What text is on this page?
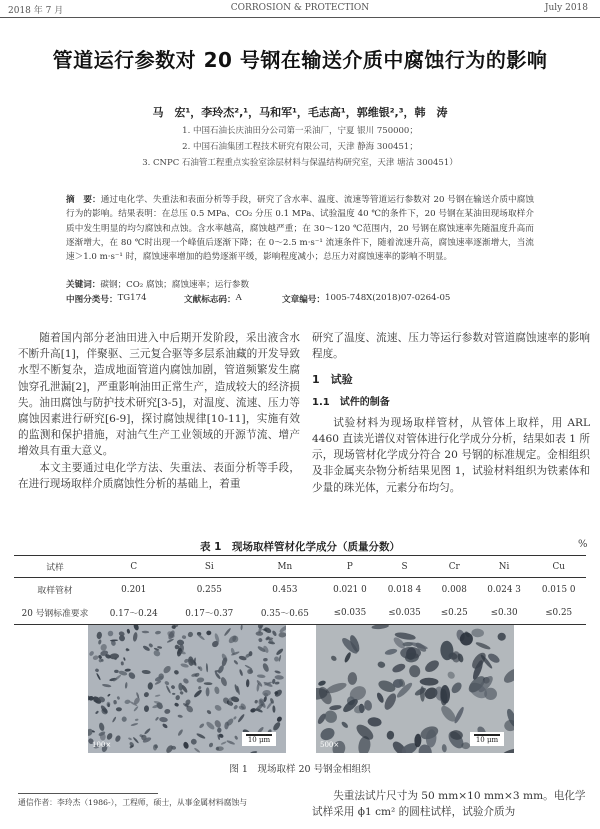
2018 年 7 月	CORROSION & PROTECTION	July 2018
管道运行参数对 20 号钢在输送介质中腐蚀行为的影响
马　宏¹，李玲杰²,¹，马和军¹，毛志高¹，郭维银²,³，韩　涛
1. 中国石油长庆油田分公司第一采油厂，宁夏 银川 750000；
2. 中国石油集团工程技术研究有限公司，天津 静海 300451；
3. CNPC 石油管工程重点实验室涂层材料与保温结构研究室，天津 塘沽 300451）
摘　要：通过电化学、失重法和表面分析等手段，研究了含水率、温度、流速等管道运行参数对 20 号钢在输送介质中腐蚀行为的影响。结果表明：在总压 0.5 MPa、CO₂ 分压 0.1 MPa、试验温度 40 ℃的条件下，20 号钢在某油田现场取样介质中发生明显的均匀腐蚀和点蚀。含水率越高，腐蚀越严重；在 30～120 ℃范围内，20 号钢在腐蚀速率先随温度升高而逐渐增大，在 80 ℃时出现一个峰值后逐渐下降；在 0～2.5 m·s⁻¹ 流速条件下，随着流速升高，腐蚀速率逐渐增大，当流速＞1.0 m·s⁻¹ 时，腐蚀速率增加的趋势逐渐平缓，影响程度减小；总压力对腐蚀速率的影响不明显。
关键词：碳钢；CO₂ 腐蚀；腐蚀速率；运行参数
中图分类号： TG174	文献标志码： A	文章编号： 1005-748X(2018)07-0264-05

随着国内部分老油田进入中后期开发阶段，采出液含水不断升高[1]，伴聚驱、三元复合驱等多层系油藏的开发导致水型不断复杂，造成地面管道内腐蚀加剧，管道频繁发生腐蚀穿孔泄漏[2]，严重影响油田正常生产，造成较大的经济损失。油田腐蚀与防护技术研究[3-5]，对温度、流速、压力等腐蚀因素进行研究[6-9]，探讨腐蚀规律[10-11]，实施有效的监测和保护措施，对油气生产工业领域的开源节流、增产增效具有重大意义。

本文主要通过电化学方法、失重法、表面分析等手段，在进行现场取样介质腐蚀性分析的基础上，着重

研究了温度、流速、压力等运行参数对管道腐蚀速率的影响程度。

1　试验
1.1　试件的制备

试验材料为现场取样管材，从管体上取样，用 ARL 4460 直读光谱仪对管体进行化学成分分析，结果如表 1 所示，现场管材化学成分符合 20 号钢的标准规定。金相组织及非金属夹杂物分析结果见图 1，试验材料组织为铁素体和少量的珠光体，元素分布均匀。

表 1　现场取样管材化学成分（质量分数）	%
试样	C	Si	Mn	P	S	Cr	Ni	Cu
取样管材	0.201	0.255	0.453	0.021 0	0.018 4	0.008	0.024 3	0.015 0
20 号钢标准要求	0.17～0.24	0.17～0.37	0.35～0.65	≤0.035	≤0.035	≤0.25	≤0.30	≤0.25
100×
10 μm
500×
10 μm
图 1　现场取样 20 号钢金相组织
通信作者：李玲杰（1986-），工程师，硕士，从事金属材料腐蚀与
失重法试片尺寸为 50 mm×10 mm×3 mm。电化学试样采用 ϕ1 cm² 的圆柱试样，试验介质为
